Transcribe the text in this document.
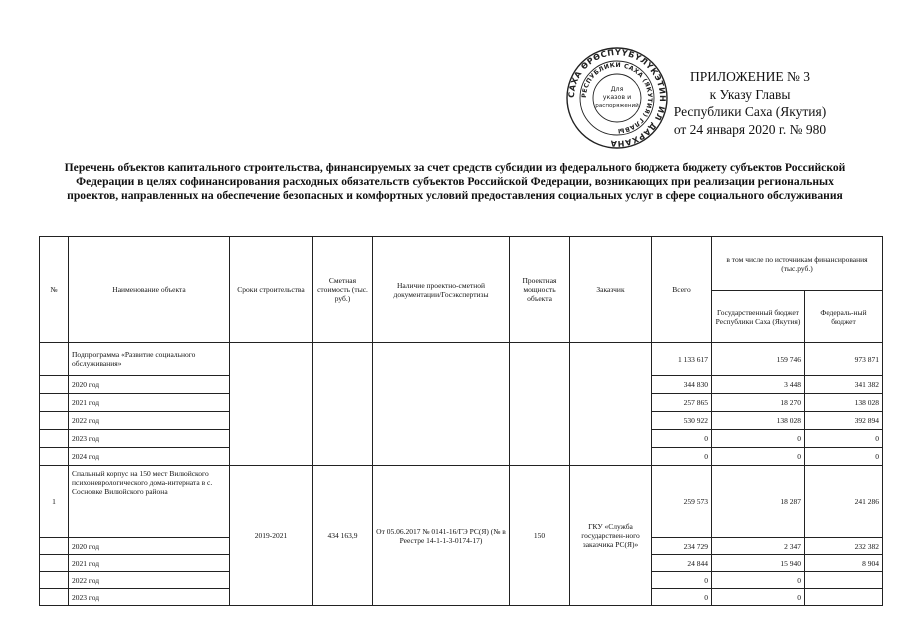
САХА ӨРӨСПҮҮБҮЛҮКЭТИН ИЛ ДАРХАНА
РЕСПУБЛИКИ САХА (ЯКУТИЯ) ГЛАВЫ
Для
указов и
распоряжений
ПРИЛОЖЕНИЕ № 3
к Указу Главы
Республики Саха (Якутия)
от 24 января 2020 г. № 980
Перечень объектов капитального строительства, финансируемых за счет средств субсидии из федерального бюджета бюджету субъектов Российской Федерации в целях софинансирования расходных обязательств субъектов Российской Федерации, возникающих при реализации региональных проектов, направленных на обеспечение безопасных и комфортных условий предоставления социальных услуг в сфере социального обслуживания
№	Наименование объекта	Сроки строительства	Сметная стоимость (тыс. руб.)	Наличие проектно-сметной документации/Госэкспертизы	Проектная мощность объекта	Заказчик	Всего	в том числе по источникам финансирования (тыс.руб.)	
								Государственный бюджет Республики Саха (Якутия)	Федераль-ный бюджет
	Подпрограмма «Развитие социального обслуживания»						1 133 617	159 746	973 871
	2020 год						344 830	3 448	341 382
	2021 год						257 865	18 270	138 028
	2022 год						530 922	138 028	392 894
	2023 год						0	0	0
	2024 год						0	0	0
1	Спальный корпус на 150 мест Вилюйского психоневрологического дома-интерната в с. Сосновке Вилюйского района	2019-2021	434 163,9	От 05.06.2017 № 0141-16/ГЭ РС(Я) (№ в Реестре 14-1-1-3-0174-17)	150	ГКУ «Служба государствен-ного заказчика РС(Я)»	259 573	18 287	241 286
	2020 год						234 729	2 347	232 382
	2021 год						24 844	15 940	8 904
	2022 год						0	0	
	2023 год						0	0	
